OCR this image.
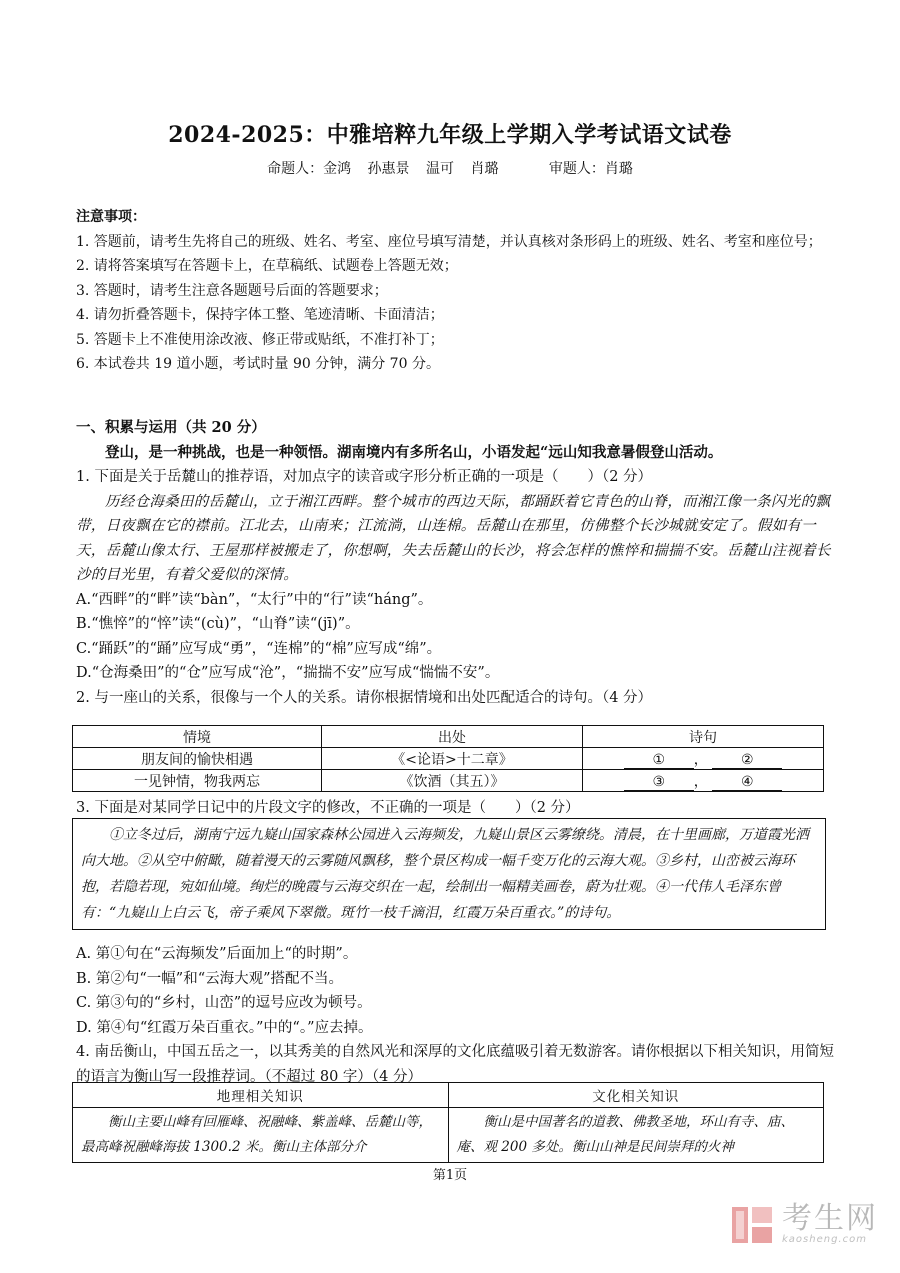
2024-2025：中雅培粹九年级上学期入学考试语文试卷
命题人：金鸿 孙惠景 温可 肖璐	审题人：肖璐
注意事项：
1. 答题前，请考生先将自己的班级、姓名、考室、座位号填写清楚，并认真核对条形码上的班级、姓名、考室和座位号；
2. 请将答案填写在答题卡上，在草稿纸、试题卷上答题无效；
3. 答题时，请考生注意各题题号后面的答题要求；
4. 请勿折叠答题卡，保持字体工整、笔迹清晰、卡面清洁；
5. 答题卡上不准使用涂改液、修正带或贴纸，不准打补丁；
6. 本试卷共 19 道小题，考试时量 90 分钟，满分 70 分。
一、积累与运用（共 20 分）
登山，是一种挑战，也是一种领悟。湖南境内有多所名山，小语发起“远山知我意暑假登山活动。
1. 下面是关于岳麓山的推荐语，对加点字的读音或字形分析正确的一项是（　　）（2 分）
历经仓海桑田的岳麓山，立于湘江西畔。整个城市的西边天际，都踊跃着它青色的山脊，而湘江像一条闪光的飘带，日夜飘在它的襟前。江北去，山南来；江流淌，山连棉。岳麓山在那里，仿佛整个长沙城就安定了。假如有一天，岳麓山像太行、王屋那样被搬走了，你想啊，失去岳麓山的长沙，将会怎样的憔悴和揣揣不安。岳麓山注视着长沙的目光里，有着父爱似的深情。
A.“西畔”的“畔”读“bàn”，“太行”中的“行”读“háng”。
B.“憔悴”的“悴”读“(cù)”，“山脊”读“(jī)”。
C.“踊跃”的“踊”应写成“勇”，“连棉”的“棉”应写成“绵”。
D.“仓海桑田”的“仓”应写成“沧”，“揣揣不安”应写成“惴惴不安”。
2. 与一座山的关系，很像与一个人的关系。请你根据情境和出处匹配适合的诗句。（4 分）
情境	出处	诗句
朋友间的愉快相遇	《<论语>十二章》	① ， ②
一见钟情，物我两忘	《饮酒（其五）》	③ ， ④
3. 下面是对某同学日记中的片段文字的修改，不正确的一项是（　　）（2 分）
①立冬过后，湖南宁远九嶷山国家森林公园进入云海频发，九嶷山景区云雾缭绕。清晨，在十里画廊，万道霞光洒向大地。②从空中俯瞰，随着漫天的云雾随风飘移，整个景区构成一幅千变万化的云海大观。③乡村，山峦被云海环抱，若隐若现，宛如仙境。绚烂的晚霞与云海交织在一起，绘制出一幅精美画卷，蔚为壮观。④一代伟人毛泽东曾有：“九嶷山上白云飞，帝子乘风下翠微。斑竹一枝千滴泪，红霞万朵百重衣。”的诗句。
A. 第①句在“云海频发”后面加上“的时期”。
B. 第②句“一幅”和“云海大观”搭配不当。
C. 第③句的“乡村，山峦”的逗号应改为顿号。
D. 第④句“红霞万朵百重衣。”中的“。”应去掉。
4. 南岳衡山，中国五岳之一，以其秀美的自然风光和深厚的文化底蕴吸引着无数游客。请你根据以下相关知识，用简短的语言为衡山写一段推荐词。（不超过 80 字）（4 分）
地理相关知识	文化相关知识
衡山主要山峰有回雁峰、祝融峰、紫盖峰、岳麓山等，最高峰祝融峰海拔 1300.2 米。衡山主体部分介	衡山是中国著名的道教、佛教圣地，环山有寺、庙、庵、观 200 多处。衡山山神是民间崇拜的火神
第1页
考生网
kaosheng.com
